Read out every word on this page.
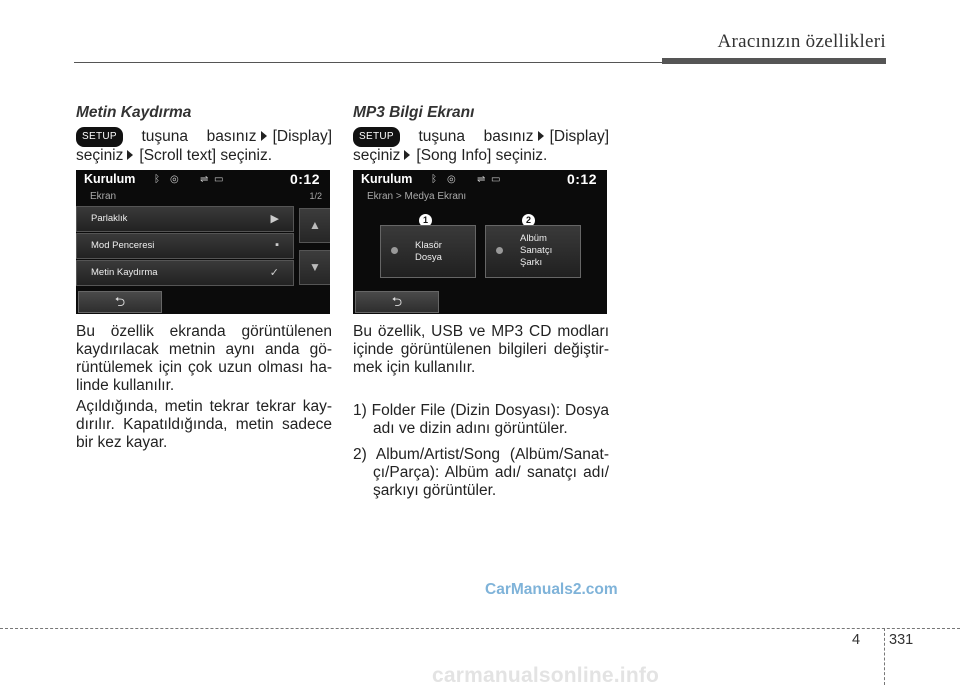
Aracınızın özellikleri
Metin Kaydırma

SETUP tuşuna basınız [Display] seçiniz [Scroll text] seçiniz.

Kurulum ᛒ ◎ ⇌ ▭	0:12
Ekran	1/2
Parlaklık	▶
Mod Penceresi	▪
Metin Kaydırma	✓
▲
▼
⮌

Bu özellik ekranda görüntülenen kaydırılacak metnin aynı anda gö-rüntülemek için çok uzun olması ha-linde kullanılır.

Açıldığında, metin tekrar tekrar kay-dırılır. Kapatıldığında, metin sadece bir kez kayar.

MP3 Bilgi Ekranı

SETUP tuşuna basınız [Display] seçiniz [Song Info] seçiniz.

Kurulum ᛒ ◎ ⇌ ▭	0:12
Ekran > Medya Ekranı
1	2
Klasör
Dosya
Albüm
Sanatçı
Şarkı
⮌

Bu özellik, USB ve MP3 CD modları içinde görüntülenen bilgileri değiştir-mek için kullanılır.

1) Folder File (Dizin Dosyası): Dosya adı ve dizin adını görüntüler.
2) Album/Artist/Song (Albüm/Sanat-çı/Parça): Albüm adı/ sanatçı adı/ şarkıyı görüntüler.
CarManuals2.com
4 331
carmanualsonline.info
